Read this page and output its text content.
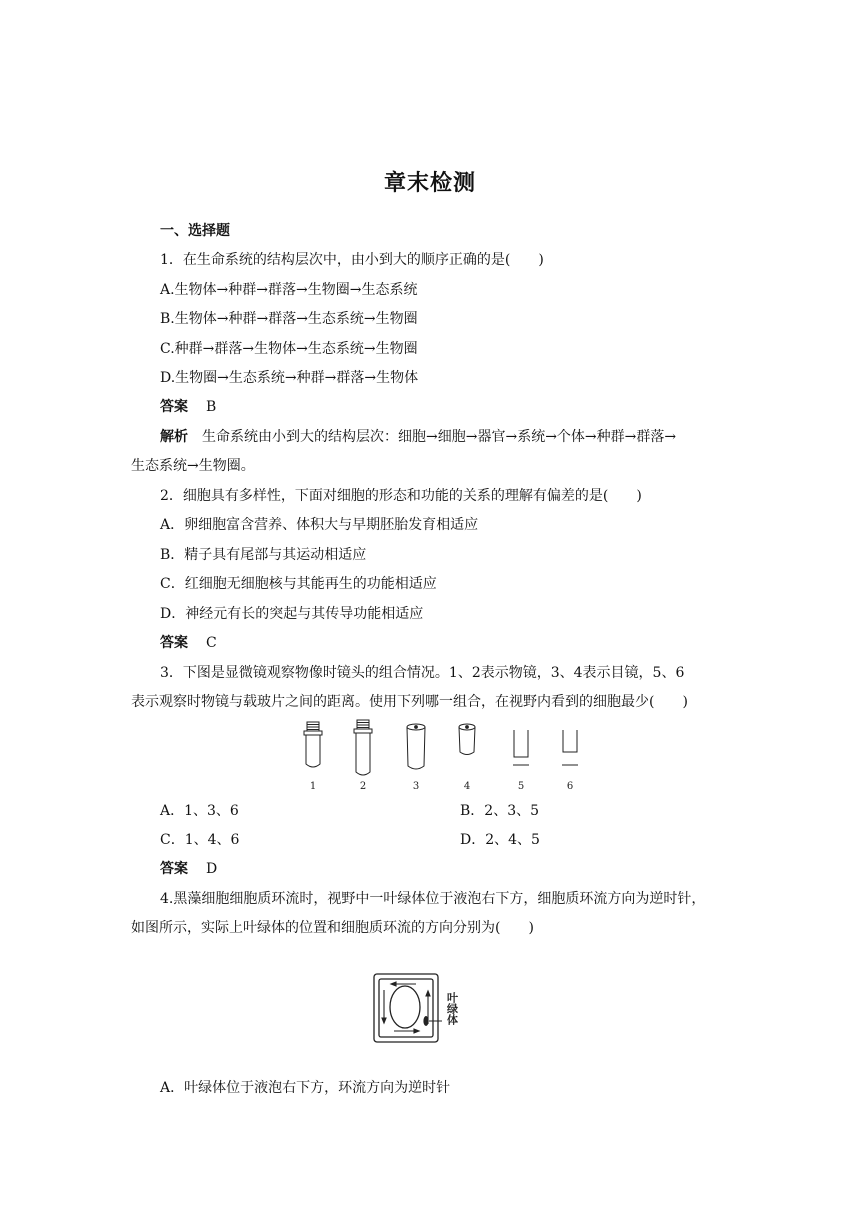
章末检测
一、选择题
1．在生命系统的结构层次中，由小到大的顺序正确的是(　　)
A.生物体→种群→群落→生物圈→生态系统
B.生物体→种群→群落→生态系统→生物圈
C.种群→群落→生物体→生态系统→生物圈
D.生物圈→生态系统→种群→群落→生物体
答案 B
解析 生命系统由小到大的结构层次：细胞→细胞→器官→系统→个体→种群→群落→
生态系统→生物圈。
2．细胞具有多样性，下面对细胞的形态和功能的关系的理解有偏差的是(　　)
A．卵细胞富含营养、体积大与早期胚胎发育相适应
B．精子具有尾部与其运动相适应
C．红细胞无细胞核与其能再生的功能相适应
D．神经元有长的突起与其传导功能相适应
答案 C
3．下图是显微镜观察物像时镜头的组合情况。1、2表示物镜，3、4表示目镜，5、6
表示观察时物镜与载玻片之间的距离。使用下列哪一组合，在视野内看到的细胞最少(　　)
1	2	3	4	5	6
A．1、3、6	B．2、3、5
C．1、4、6	D．2、4、5
答案 D
4.黑藻细胞细胞质环流时，视野中一叶绿体位于液泡右下方，细胞质环流方向为逆时针，
如图所示，实际上叶绿体的位置和细胞质环流的方向分别为(　　)
叶绿体
A．叶绿体位于液泡右下方，环流方向为逆时针
